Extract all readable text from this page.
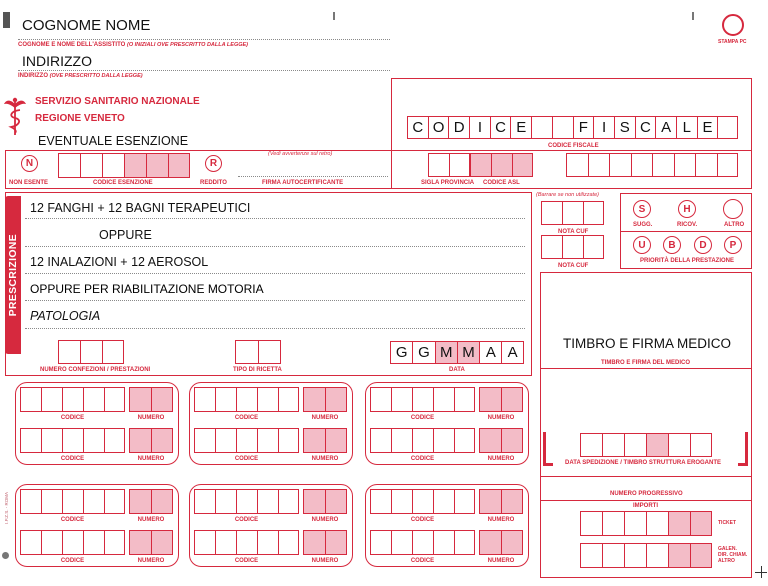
COGNOME NOME
COGNOME E NOME DELL'ASSISTITO (O INIZIALI OVE PRESCRITTO DALLA LEGGE)
INDIRIZZO
INDIRIZZO (OVE PRESCRITTO DALLA LEGGE)
STAMPA PC
SERVIZIO SANITARIO NAZIONALE
REGIONE VENETO
EVENTUALE ESENZIONE
C O D I C E	F I S C A L E
CODICE FISCALE
N
NON ESENTE	CODICE ESENZIONE
R
REDDITO
(Vedi avvertenze sul retro)
FIRMA AUTOCERTIFICANTE	SIGLA PROVINCIA CODICE ASL
PRESCRIZIONE
12 FANGHI + 12 BAGNI TERAPEUTICI
OPPURE
12 INALAZIONI + 12 AEROSOL
OPPURE PER RIABILITAZIONE MOTORIA
PATOLOGIA
NUMERO CONFEZIONI / PRESTAZIONI	TIPO DI RICETTA
G G M M A A
DATA
(Barrare se non utilizzate)
NOTA CUF
NOTA CUF
S
SUGG.
H
RICOV.	ALTRO
U B D P
PRIORITÀ DELLA PRESTAZIONE
TIMBRO E FIRMA MEDICO
TIMBRO E FIRMA DEL MEDICO
DATA SPEDIZIONE / TIMBRO STRUTTURA EROGANTE
NUMERO PROGRESSIVO
IMPORTI
TICKET
GALEN.
DIR. CHIAM.
ALTRO
I.P.Z.S. - ROMA
CODICE	NUMERO
CODICE	NUMERO
CODICE	NUMERO
CODICE	NUMERO
CODICE	NUMERO
CODICE	NUMERO
CODICE	NUMERO
CODICE	NUMERO
CODICE	NUMERO
CODICE	NUMERO
CODICE	NUMERO
CODICE	NUMERO
